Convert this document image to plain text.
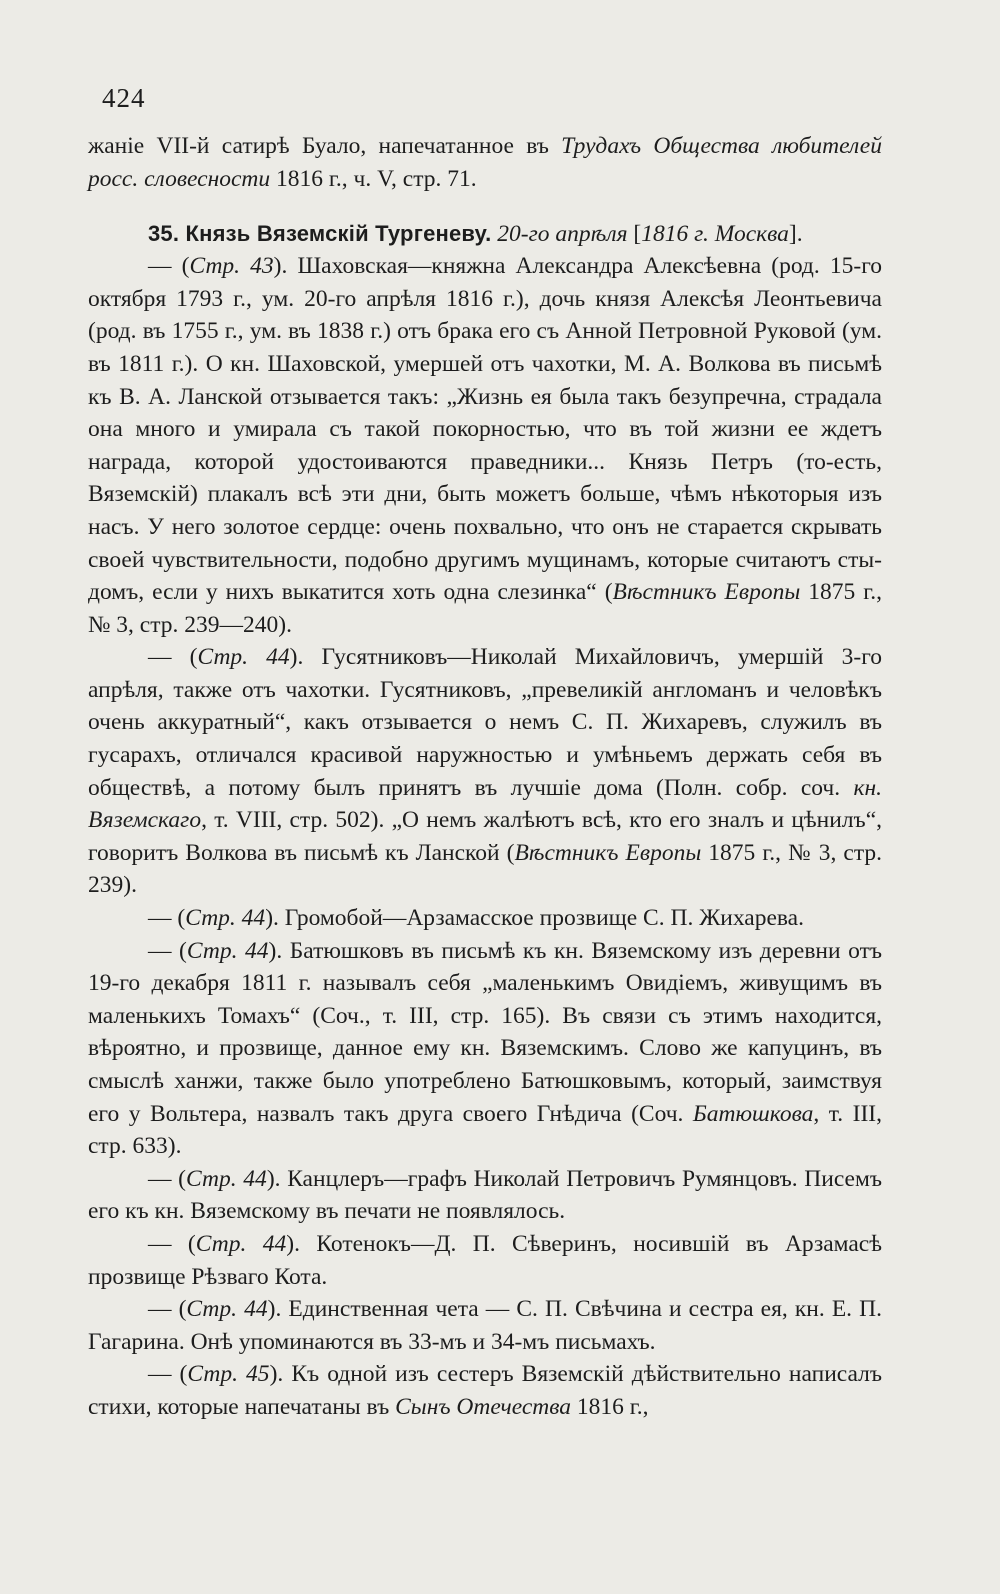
424

жаніе VII-й сатирѣ Буало, напечатанное въ Трудахъ Общества любителей росс. словесности 1816 г., ч. V, стр. 71.

35. Князь Вяземскій Тургеневу. 20-го апрѣля [1816 г. Москва].

— (Стр. 43). Шаховская—княжна Александра Алексѣевна (род. 15-го октября 1793 г., ум. 20-го апрѣля 1816 г.), дочь князя Алексѣя Леонтьевича (род. въ 1755 г., ум. въ 1838 г.) отъ брака его съ Анной Петровной Руковой (ум. въ 1811 г.). О кн. Шаховской, умершей отъ чахотки, М. А. Волкова въ письмѣ къ В. А. Ланской отзывается такъ: „Жизнь ея была такъ безупречна, страдала она много и умирала съ такой покорностью, что въ той жизни ее ждетъ награда, которой удостоиваются праведники... Князь Петръ (то-есть, Вяземскій) плакалъ всѣ эти дни, быть можетъ больше, чѣмъ нѣкоторыя изъ насъ. У него золотое сердце: очень похвально, что онъ не старается скрывать своей чувствительности, подобно другимъ мущинамъ, которые считаютъ стыдомъ, если у нихъ выкатится хоть одна слезинка“ (Вѣстникъ Европы 1875 г., № 3, стр. 239—240).

— (Стр. 44). Гусятниковъ—Николай Михайловичъ, умершій 3-го апрѣля, также отъ чахотки. Гусятниковъ, „превеликій англоманъ и человѣкъ очень аккуратный“, какъ отзывается о немъ С. П. Жихаревъ, служилъ въ гусарахъ, отличался красивой наружностью и умѣньемъ держать себя въ обществѣ, а потому былъ принятъ въ лучшіе дома (Полн. собр. соч. кн. Вяземскаго, т. VIII, стр. 502). „О немъ жалѣютъ всѣ, кто его зналъ и цѣнилъ“, говоритъ Волкова въ письмѣ къ Ланской (Вѣстникъ Европы 1875 г., № 3, стр. 239).

— (Стр. 44). Громобой—Арзамасское прозвище С. П. Жихарева.

— (Стр. 44). Батюшковъ въ письмѣ къ кн. Вяземскому изъ деревни отъ 19-го декабря 1811 г. называлъ себя „маленькимъ Овидіемъ, живущимъ въ маленькихъ Томахъ“ (Соч., т. III, стр. 165). Въ связи съ этимъ находится, вѣроятно, и прозвище, данное ему кн. Вяземскимъ. Слово же капуцинъ, въ смыслѣ ханжи, также было употреблено Батюшковымъ, который, заимствуя его у Вольтера, назвалъ такъ друга своего Гнѣдича (Соч. Батюшкова, т. III, стр. 633).

— (Стр. 44). Канцлеръ—графъ Николай Петровичъ Румянцовъ. Писемъ его къ кн. Вяземскому въ печати не появлялось.

— (Стр. 44). Котенокъ—Д. П. Сѣверинъ, носившій въ Арзамасѣ прозвище Рѣзваго Кота.

— (Стр. 44). Единственная чета — С. П. Свѣчина и сестра ея, кн. Е. П. Гагарина. Онѣ упоминаются въ 33-мъ и 34-мъ письмахъ.

— (Стр. 45). Къ одной изъ сестеръ Вяземскій дѣйствительно написалъ стихи, которые напечатаны въ Сынъ Отечества 1816 г.,
